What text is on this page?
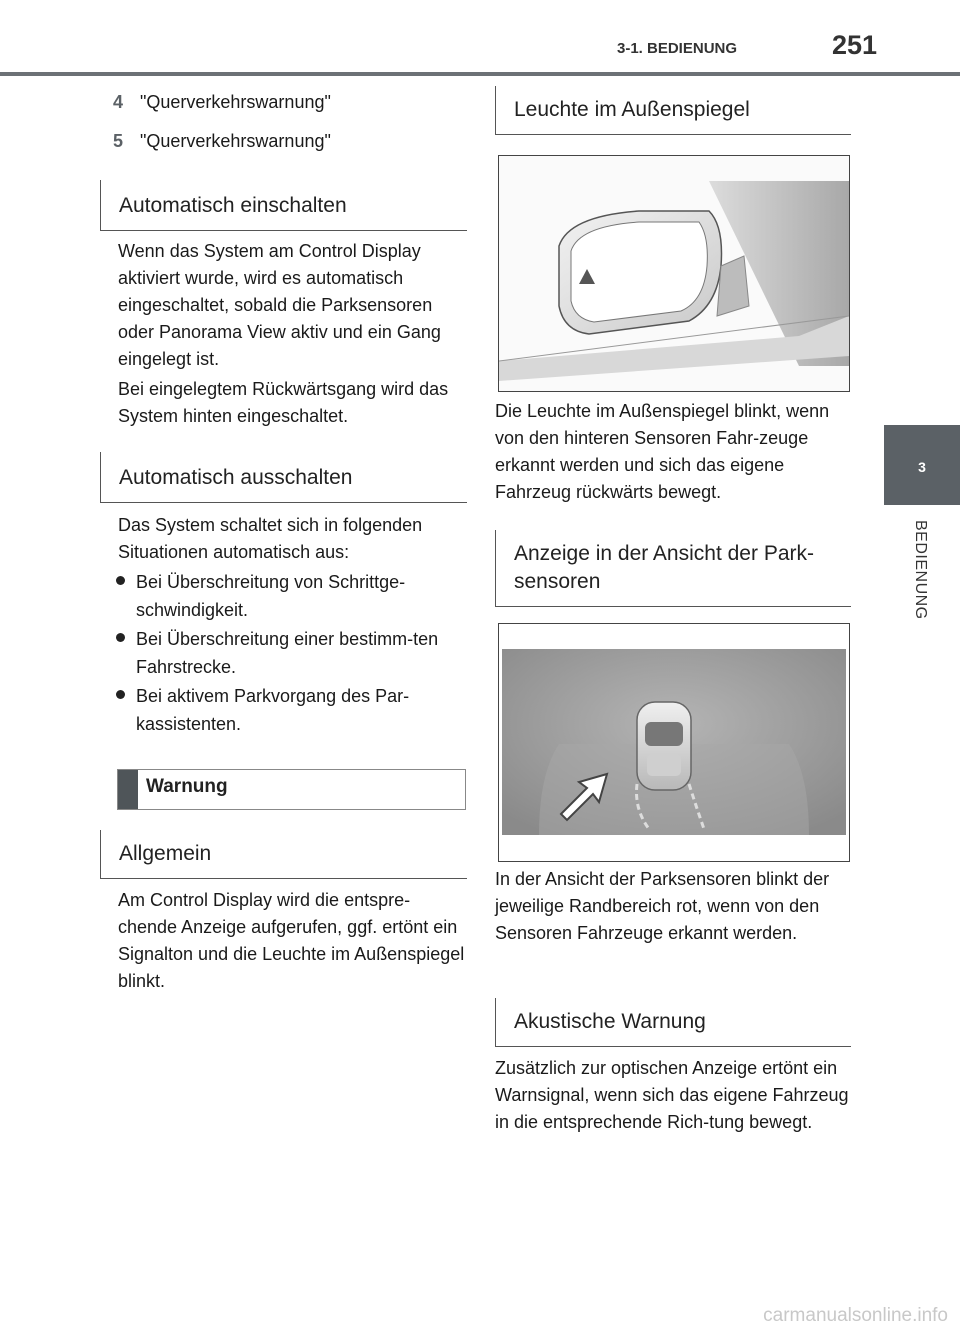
3-1. BEDIENUNG	251
3
BEDIENUNG
4 "Querverkehrswarnung"
5 "Querverkehrswarnung"
Automatisch einschalten
Wenn das System am Control Display aktiviert wurde, wird es automatisch eingeschaltet, sobald die Parksensoren oder Panorama View aktiv und ein Gang eingelegt ist.
Bei eingelegtem Rückwärtsgang wird das System hinten eingeschaltet.
Automatisch ausschalten
Das System schaltet sich in folgenden Situationen automatisch aus:
Bei Überschreitung von Schrittge-schwindigkeit.
Bei Überschreitung einer bestimm-ten Fahrstrecke.
Bei aktivem Parkvorgang des Par-kassistenten.
Warnung
Allgemein
Am Control Display wird die entspre-chende Anzeige aufgerufen, ggf. ertönt ein Signalton und die Leuchte im Außenspiegel blinkt.
Leuchte im Außenspiegel
Die Leuchte im Außenspiegel blinkt, wenn von den hinteren Sensoren Fahr-zeuge erkannt werden und sich das eigene Fahrzeug rückwärts bewegt.
Anzeige in der Ansicht der Park-sensoren
In der Ansicht der Parksensoren blinkt der jeweilige Randbereich rot, wenn von den Sensoren Fahrzeuge erkannt werden.
Akustische Warnung
Zusätzlich zur optischen Anzeige ertönt ein Warnsignal, wenn sich das eigene Fahrzeug in die entsprechende Rich-tung bewegt.
carmanualsonline.info
